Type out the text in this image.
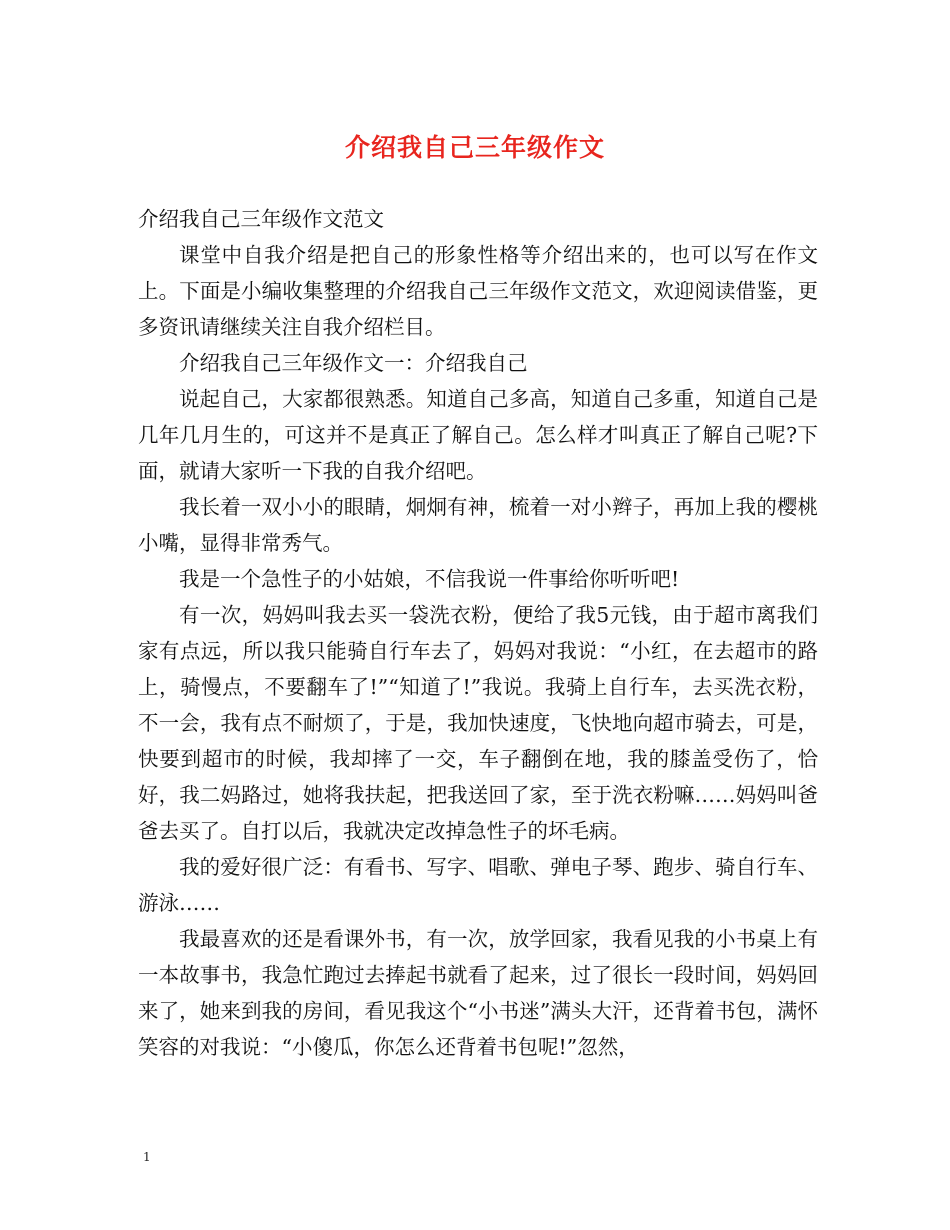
介绍我自己三年级作文

介绍我自己三年级作文范文

课堂中自我介绍是把自己的形象性格等介绍出来的，也可以写在作文上。下面是小编收集整理的介绍我自己三年级作文范文，欢迎阅读借鉴，更多资讯请继续关注自我介绍栏目。

介绍我自己三年级作文一：介绍我自己

说起自己，大家都很熟悉。知道自己多高，知道自己多重，知道自己是几年几月生的，可这并不是真正了解自己。怎么样才叫真正了解自己呢?下面，就请大家听一下我的自我介绍吧。

我长着一双小小的眼睛，炯炯有神，梳着一对小辫子，再加上我的樱桃小嘴，显得非常秀气。

我是一个急性子的小姑娘，不信我说一件事给你听听吧!

有一次，妈妈叫我去买一袋洗衣粉，便给了我5元钱，由于超市离我们家有点远，所以我只能骑自行车去了，妈妈对我说：“小红，在去超市的路上，骑慢点，不要翻车了!”“知道了!”我说。我骑上自行车，去买洗衣粉，不一会，我有点不耐烦了，于是，我加快速度，飞快地向超市骑去，可是，快要到超市的时候，我却摔了一交，车子翻倒在地，我的膝盖受伤了，恰好，我二妈路过，她将我扶起，把我送回了家，至于洗衣粉嘛……妈妈叫爸爸去买了。自打以后，我就决定改掉急性子的坏毛病。

我的爱好很广泛：有看书、写字、唱歌、弹电子琴、跑步、骑自行车、游泳……

我最喜欢的还是看课外书，有一次，放学回家，我看见我的小书桌上有一本故事书，我急忙跑过去捧起书就看了起来，过了很长一段时间，妈妈回来了，她来到我的房间，看见我这个“小书迷”满头大汗，还背着书包，满怀笑容的对我说：“小傻瓜，你怎么还背着书包呢!”忽然，

1
